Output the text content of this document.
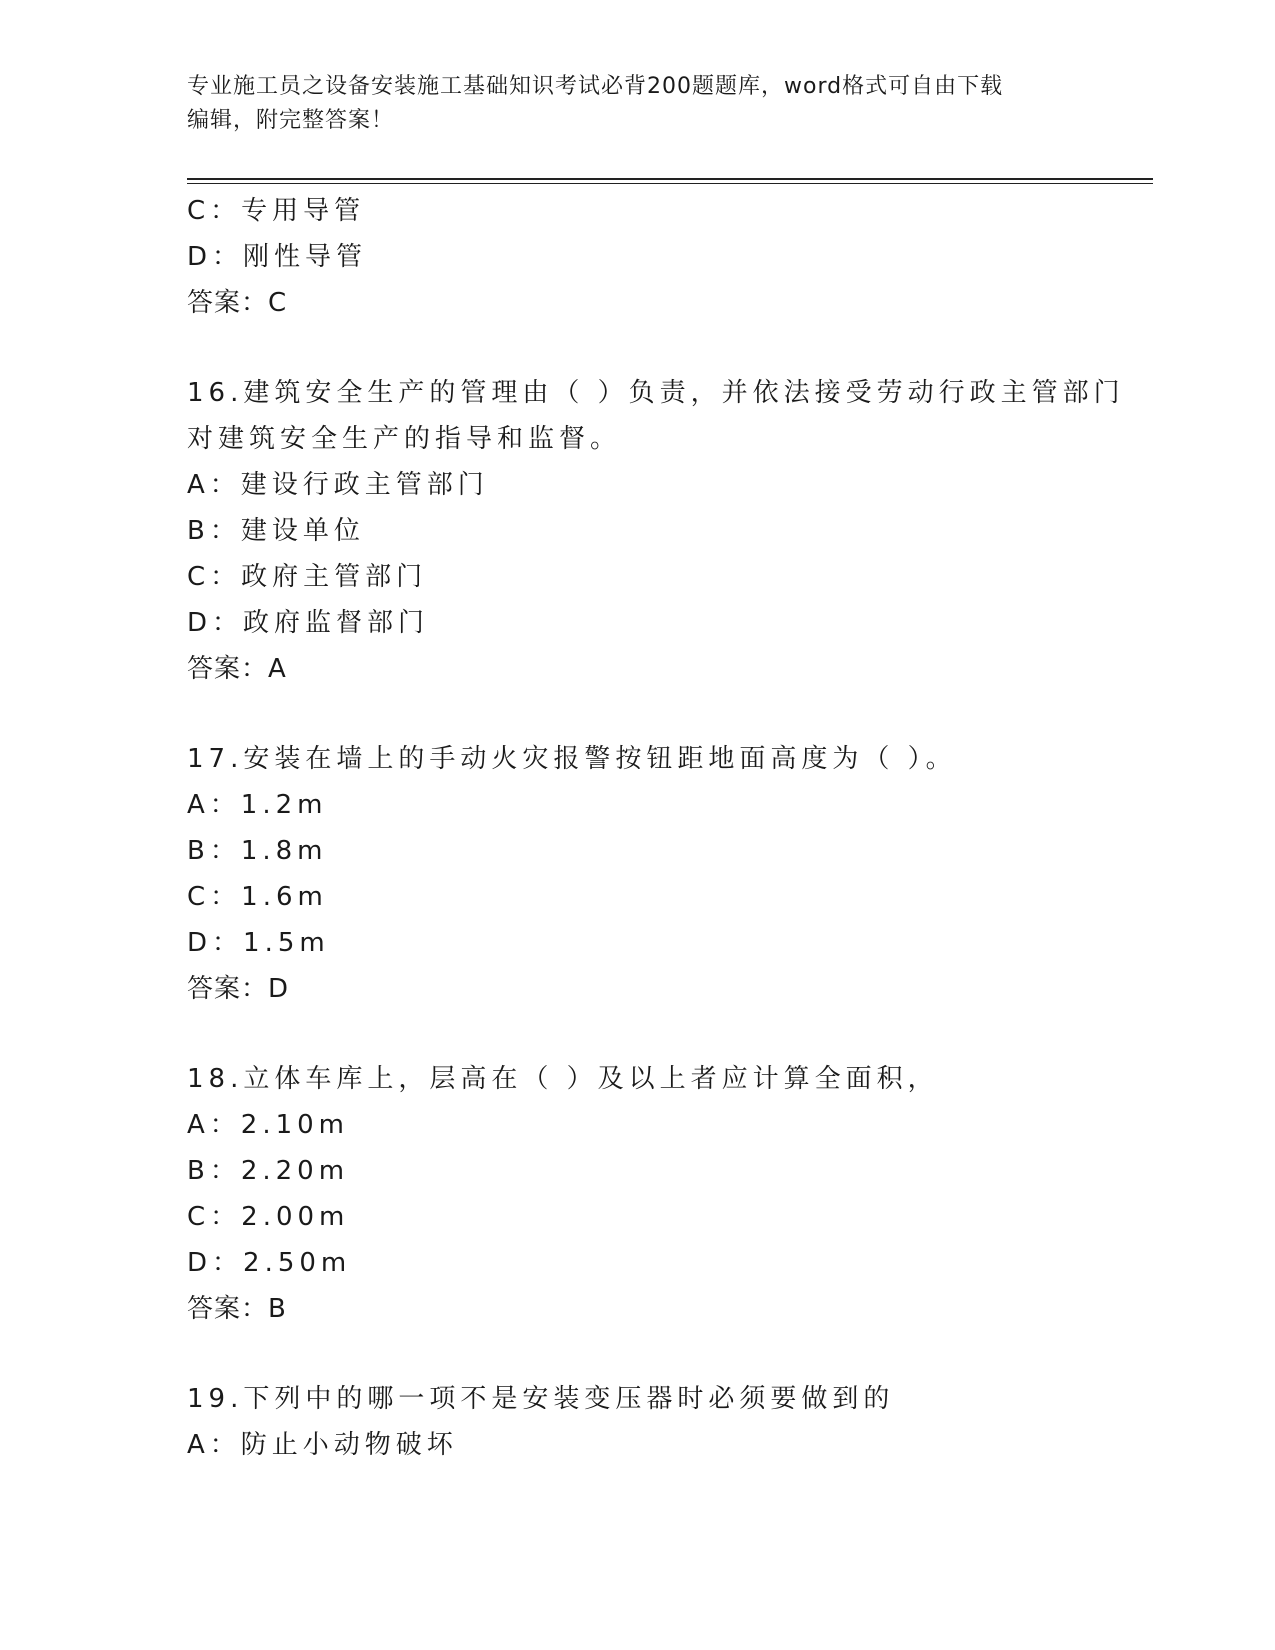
专业施工员之设备安装施工基础知识考试必背200题题库，word格式可自由下载
编辑，附完整答案！
C：专用导管
D：刚性导管
答案：C
16.建筑安全生产的管理由（ ）负责，并依法接受劳动行政主管部门
对建筑安全生产的指导和监督。
A：建设行政主管部门
B：建设单位
C：政府主管部门
D：政府监督部门
答案：A
17.安装在墙上的手动火灾报警按钮距地面高度为（ ）。
A：1.2m
B：1.8m
C：1.6m
D：1.5m
答案：D
18.立体车库上，层高在（ ）及以上者应计算全面积，
A：2.10m
B：2.20m
C：2.00m
D：2.50m
答案：B
19.下列中的哪一项不是安装变压器时必须要做到的
A：防止小动物破坏
